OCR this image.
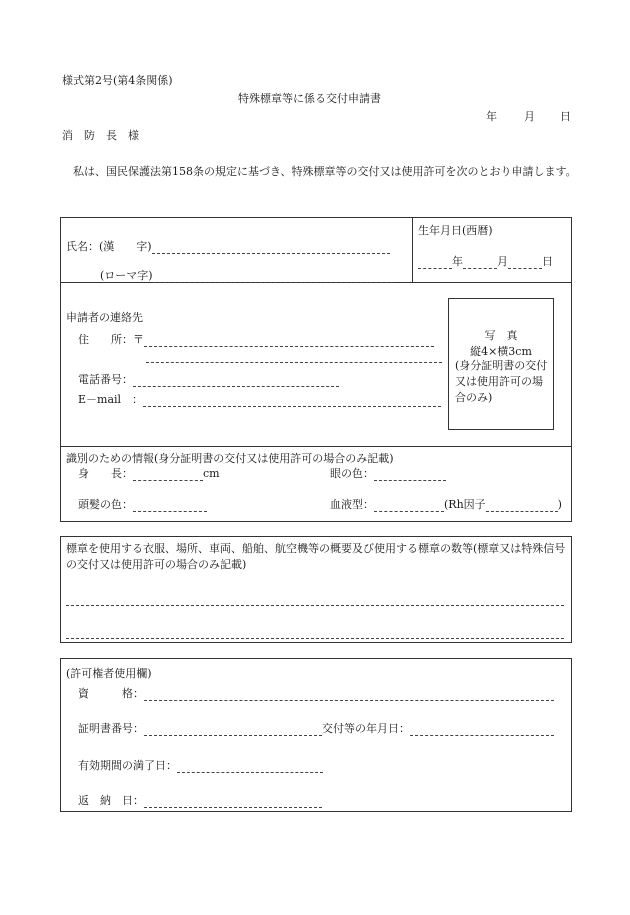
様式第2号(第4条関係)
特殊標章等に係る交付申請書
年 月 日
消　防　長　様
　私は、国民保護法第158条の規定に基づき、特殊標章等の交付又は使用許可を次のとおり申請します。
氏名：(漢　　字)
(ローマ字)
生年月日(西暦)
年	月	日
申請者の連絡先
住　　所：〒
電話番号：
E－mail　：
写　真
縦4×横3cm
(身分証明書の交付又は使用許可の場合のみ)
識別のための情報(身分証明書の交付又は使用許可の場合のみ記載)
身　　長：	cm	眼の色：
頭髪の色：	血液型：	(Rh因子	)
標章を使用する衣服、場所、車両、船舶、航空機等の概要及び使用する標章の数等(標章又は特殊信号の交付又は使用許可の場合のみ記載)
(許可権者使用欄)
資　　　格：
証明書番号：	交付等の年月日：
有効期間の満了日：
返　納　日：
